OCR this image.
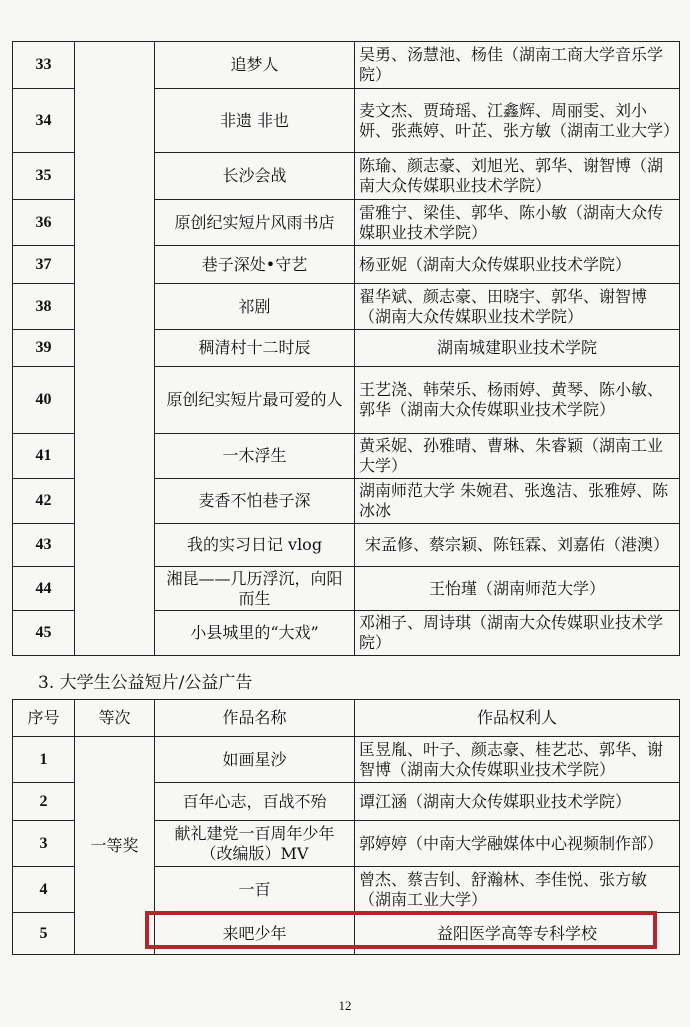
33		追梦人	吴勇、汤慧池、杨佳（湖南工商大学音乐学院）
34		非遗 非也	麦文杰、贾琦瑶、江鑫辉、周丽雯、刘小妍、张燕婷、叶芷、张方敏（湖南工业大学）
35		长沙会战	陈瑜、颜志豪、刘旭光、郭华、谢智博（湖南大众传媒职业技术学院）
36		原创纪实短片风雨书店	雷雅宁、梁佳、郭华、陈小敏（湖南大众传媒职业技术学院）
37		巷子深处•守艺	杨亚妮（湖南大众传媒职业技术学院）
38		祁剧	翟华斌、颜志豪、田晓宇、郭华、谢智博（湖南大众传媒职业技术学院）
39		稠清村十二时辰	湖南城建职业技术学院
40		原创纪实短片最可爱的人	王艺浇、韩荣乐、杨雨婷、黄琴、陈小敏、郭华（湖南大众传媒职业技术学院）
41		一木浮生	黄采妮、孙雅晴、曹琳、朱睿颖（湖南工业大学）
42		麦香不怕巷子深	湖南师范大学 朱婉君、张逸洁、张雅婷、陈冰冰
43		我的实习日记 vlog	宋孟修、蔡宗颖、陈钰霖、刘嘉佑（港澳）
44		湘昆——几历浮沉，向阳而生	王怡瑾（湖南师范大学）
45		小县城里的“大戏”	邓湘子、周诗琪（湖南大众传媒职业技术学院）
3. 大学生公益短片/公益广告
序号	等次	作品名称	作品权利人
1	一等奖	如画星沙	匡昱胤、叶子、颜志豪、桂艺芯、郭华、谢智博（湖南大众传媒职业技术学院）
2		百年心志，百战不殆	谭江涵（湖南大众传媒职业技术学院）
3		献礼建党一百周年少年（改编版）MV	郭婷婷（中南大学融媒体中心视频制作部）
4		一百	曾杰、蔡吉钊、舒瀚林、李佳悦、张方敏（湖南工业大学）
5		来吧少年	益阳医学高等专科学校
12
